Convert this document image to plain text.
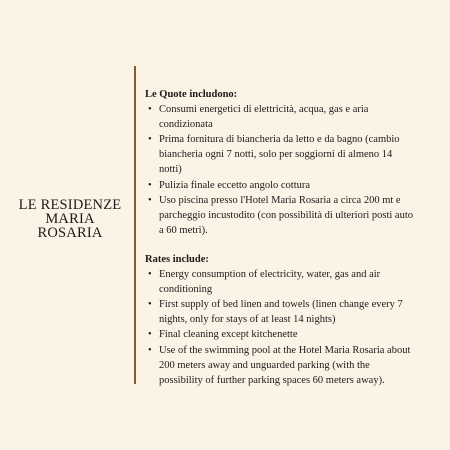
LE RESIDENZE
MARIA
ROSARIA

Le Quote includono:

• Consumi energetici di elettricità, acqua, gas e aria condizionata
• Prima fornitura di biancheria da letto e da bagno (cambio biancheria ogni 7 notti, solo per soggiorni di almeno 14 notti)
• Pulizia finale eccetto angolo cottura
• Uso piscina presso l'Hotel Maria Rosaria a circa 200 mt e parcheggio incustodito (con possibilità di ulteriori posti auto a 60 metri).

Rates include:

• Energy consumption of electricity, water, gas and air conditioning
• First supply of bed linen and towels (linen change every 7 nights, only for stays of at least 14 nights)
• Final cleaning except kitchenette
• Use of the swimming pool at the Hotel Maria Rosaria about 200 meters away and unguarded parking (with the possibility of further parking spaces 60 meters away).
